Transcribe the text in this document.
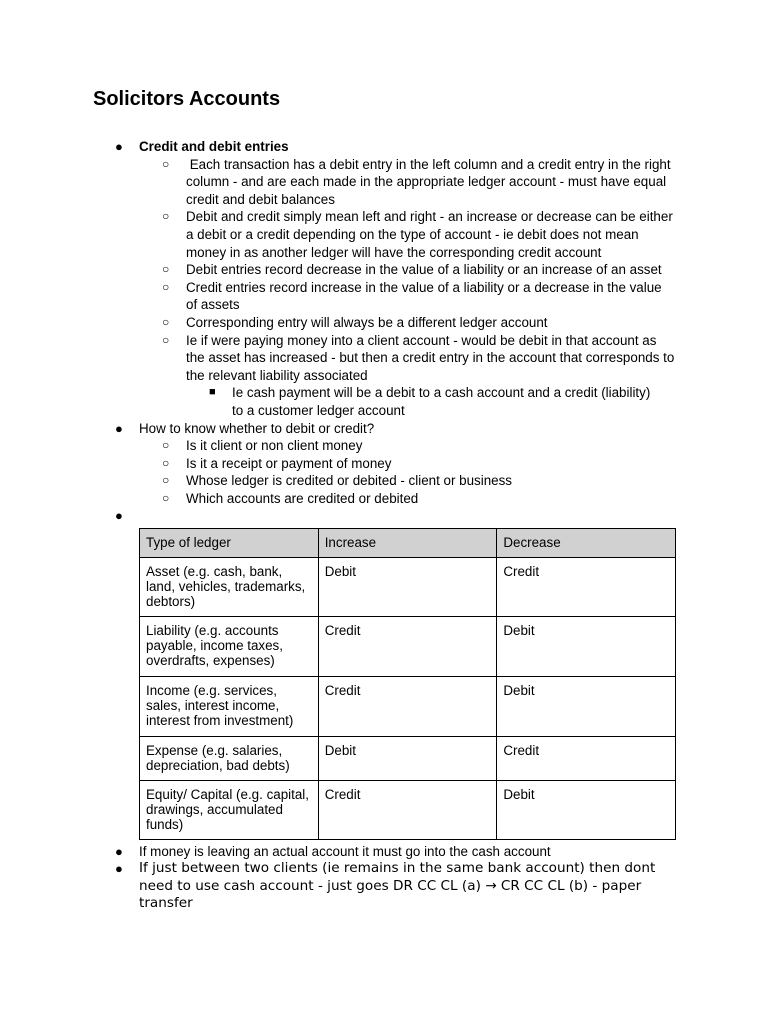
Solicitors Accounts
● Credit and debit entries
○ Each transaction has a debit entry in the left column and a credit entry in the right column - and are each made in the appropriate ledger account - must have equal credit and debit balances
○ Debit and credit simply mean left and right - an increase or decrease can be either a debit or a credit depending on the type of account - ie debit does not mean money in as another ledger will have the corresponding credit account
○ Debit entries record decrease in the value of a liability or an increase of an asset
○ Credit entries record increase in the value of a liability or a decrease in the value of assets
○ Corresponding entry will always be a different ledger account
○ Ie if were paying money into a client account - would be debit in that account as the asset has increased - but then a credit entry in the account that corresponds to the relevant liability associated
■ Ie cash payment will be a debit to a cash account and a credit (liability) to a customer ledger account
● How to know whether to debit or credit?
○ Is it client or non client money
○ Is it a receipt or payment of money
○ Whose ledger is credited or debited - client or business
○ Which accounts are credited or debited
●
Type of ledger	Increase	Decrease
Asset (e.g. cash, bank, land, vehicles, trademarks, debtors)	Debit	Credit
Liability (e.g. accounts payable, income taxes, overdrafts, expenses)	Credit	Debit
Income (e.g. services, sales, interest income, interest from investment)	Credit	Debit
Expense (e.g. salaries, depreciation, bad debts)	Debit	Credit
Equity/ Capital (e.g. capital, drawings, accumulated funds)	Credit	Debit
● If money is leaving an actual account it must go into the cash account
● If just between two clients (ie remains in the same bank account) then dont need to use cash account - just goes DR CC CL (a) → CR CC CL (b) - paper transfer
